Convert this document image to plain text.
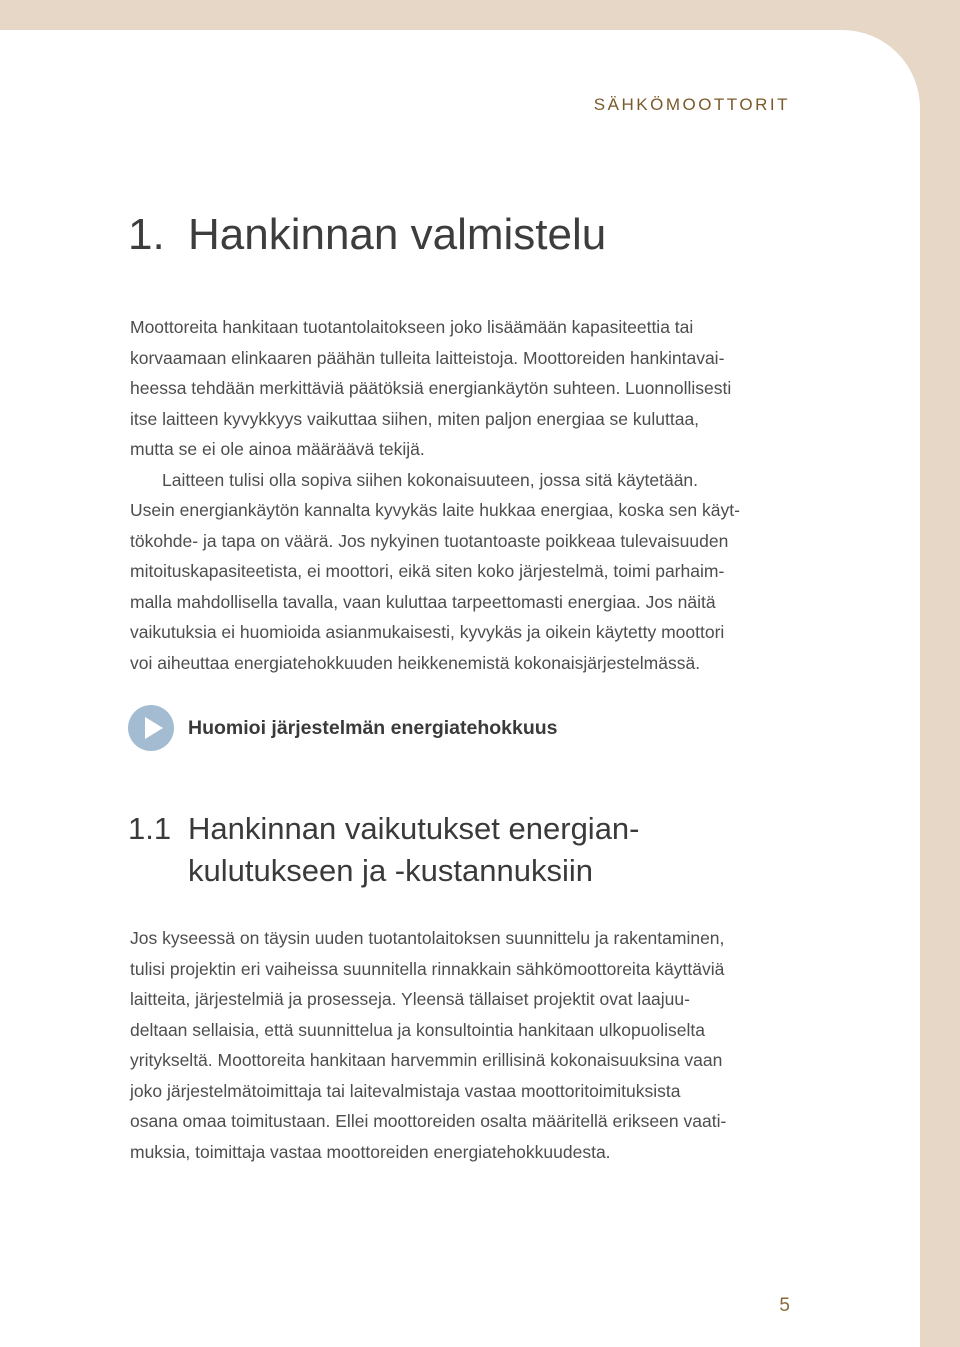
SÄHKÖMOOTTORIT
1. Hankinnan valmistelu
Moottoreita hankitaan tuotantolaitokseen joko lisäämään kapasiteettia tai
korvaamaan elinkaaren päähän tulleita laitteistoja. Moottoreiden hankintavai-
heessa tehdään merkittäviä päätöksiä energiankäytön suhteen. Luonnollisesti
itse laitteen kyvykkyys vaikuttaa siihen, miten paljon energiaa se kuluttaa,
mutta se ei ole ainoa määräävä tekijä.
Laitteen tulisi olla sopiva siihen kokonaisuuteen, jossa sitä käytetään.
Usein energiankäytön kannalta kyvykäs laite hukkaa energiaa, koska sen käyt-
tökohde- ja tapa on väärä. Jos nykyinen tuotantoaste poikkeaa tulevaisuuden
mitoituskapasiteetista, ei moottori, eikä siten koko järjestelmä, toimi parhaim-
malla mahdollisella tavalla, vaan kuluttaa tarpeettomasti energiaa. Jos näitä
vaikutuksia ei huomioida asianmukaisesti, kyvykäs ja oikein käytetty moottori
voi aiheuttaa energiatehokkuuden heikkenemistä kokonaisjärjestelmässä.
Huomioi järjestelmän energiatehokkuus
1.1 Hankinnan vaikutukset energian-
kulutukseen ja -kustannuksiin
Jos kyseessä on täysin uuden tuotantolaitoksen suunnittelu ja rakentaminen,
tulisi projektin eri vaiheissa suunnitella rinnakkain sähkömoottoreita käyttäviä
laitteita, järjestelmiä ja prosesseja. Yleensä tällaiset projektit ovat laajuu-
deltaan sellaisia, että suunnittelua ja konsultointia hankitaan ulkopuoliselta
yritykseltä. Moottoreita hankitaan harvemmin erillisinä kokonaisuuksina vaan
joko järjestelmätoimittaja tai laitevalmistaja vastaa moottoritoimituksista
osana omaa toimitustaan. Ellei moottoreiden osalta määritellä erikseen vaati-
muksia, toimittaja vastaa moottoreiden energiatehokkuudesta.
5
